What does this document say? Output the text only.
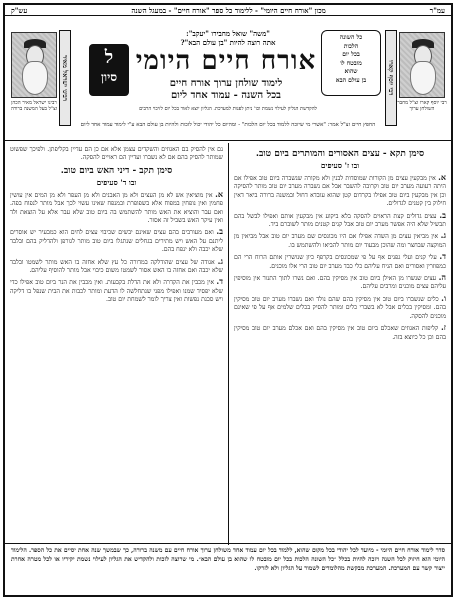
עמ"ר
מכון "אורח חיים היומי" - ללימוד כל ספר "אורח חיים" - במעגל השנה
עש"ק
רבי יוסף קארו זצ"ל מחבר השולחן ערוך
רבי יוסף קארו
כל השונה
הלכות
בכל יום
מובטח לו
שהוא
בן עולם הבא
"משה" שואל מחבירו "יעקב":
אתה רוצה להיות "בן עולם הבא"?
אורח חיים היומי
לימוד שולחן ערוך אורח חיים
בכל השנה - עמוד אחד ליום
ל
סיון
רבינו ישראל מאיר
רבינו ישראל מאיר הכהן זצ"ל בעל המשנה ברורה	להקדשת הגליון לעילוי נשמת וכו' ניתן לפנות למערכת. הגליון יוצא לאור בכל יום לזיכוי הרבים
החפץ חיים זצ"ל אמר: "אשרי מי שיזכה ללמוד בכל יום הלכות" - ומהיום כל יהודי יכול לזכות ולהיות בן עולם הבא ע"י לימוד עמוד אחד ליום
סימן תקא - עצים האסורים והמותרים ביום טוב.
ובו ז' סעיפים
א. אין מבקעין עצים מן הקורות שמוסדות לבנין ולא מקורה שנשברה ביום טוב אפילו אם היתה רעועה מערב יום טוב וקרובה להשבר אבל אם נשברה מערב יום טוב מותר להסיקה וכן אין מבקעין ביום טוב אפילו בקרדום קטן שהוא עובדא דחול ובמשנה ברורה ביאר דאין חילוק בין קטנים לגדולים.
ב. עצים גדולים קצת הראוים להסקה בלא ביקוע אין מבקעין אותם ואפילו לבשל בהם תבשיל שלא היה אפשר מערב יום טוב אבל קנים קטנים מותר לשוברם ביד.
ג. אין מביאין עצים מן השדה אפילו אם היו מכונסים שם מערב יום טוב אבל מביאין מן המוקצה שבחצר ומה שהוכן מבעוד יום מותר להביאו ולהשתמש בו.
ד. עלי קנים ועלי גפנים אף על פי שמכונסים בקרפף כיון שנושרין אותם הרוח הרי הם כמפוזרין ואסורים ואם הניח עליהם כלי כבד מערב יום טוב הרי אלו מוכנים.
ה. עצים שנשרו מן האילן ביום טוב אין מסיקין בהם. ואם נשרו לתוך התנור אין מוסיפין עליהם עצים מוכנים ומרבים עליהם.
ו. כלים שנשברו ביום טוב אין מסיקין בהם שהם נולד ואם נשברו מערב יום טוב מסיקין בהם. ומסיקין בכלים אבל לא בשברי כלים ומותר להסיק בכלים שלמים אף על פי שאינם מוכנים להסקה.
ז. קליפות האגוזים שאכלם ביום טוב אין מסיקין בהם ואם אכלם מערב יום טוב מסיקין בהם וכן כל כיוצא בזה.
נם אין להסיק בם האגוזים והשקדים עצמן אלא אם כן הם עדיין בקליפתן. ולפיכך שפשוט שמותר להסיק בהם אם לא נשברו ועדיין הם ראויים להסקה.
סימן תקב - דיני האש ביום טוב.
ובו ד' סעיפים
א. אין מוציאין אש לא מן העצים ולא מן האבנים ולא מן העפר ולא מן המים אין עושין פחמין ואין נופחין במפוח אלא בשפופרת ובמנפח שאינו עשוי לכך אבל מותר לנפוח בפה. ואם עבר והוציא את האש מותר להשתמש בה ביום טוב שלא עבר אלא על הוצאת ולד ואין עיקר האש בשביל זה אסור.
ב. ואם מעורבים בהם עצים שאינם יבשים שכיבוי עצים לחים הוא כמבעיר יש אוסרים ליתנם על האש ויש מתירים בגחלים שנתגלו ביום טוב מותר לגורפן ולהדליק בהם ובלבד שלא יכבה ולא ינפח בהם.
ג. אגודה של עצים שהודלקה במדורה כל עץ שלא אחזה בו האש מותר לשמטו ובלבד שלא יכבה ואם אחזה בו האש אסור לשמטו משום כיבוי אבל מותר להוסיף עליהם.
ד. אין מכבין את הקדרה ולא את הדלת בקבעות. ואין מכבין את הנר ביום טוב אפילו כדי שלא יפסיד שמנו ואפילו מפני שנתחלשה לו הדעת ומותר לכבות את הבית שנפל בו דליקה ויש סכנת נפשות ואין צריך לומר לשמחת יום טוב.
סדר לימוד אורח חיים היומי - מיועד לכל יהודי בכל מקום שהוא, ללמוד בכל יום עמוד אחד משולחן ערוך אורח חיים עם משנה ברורה, כך שבמשך שנה אחת יסיים את כל הספר. הלימוד היומי הוא חיזוק לכל השנה ויזכה להיות בכלל ״כל השונה הלכות בכל יום מובטח לו שהוא בן עולם הבא״. מי שרוצה לזכות ולהקדיש את הגליון לעילוי נשמת יקיריו או לכל מטרה אחרת ייצור קשר עם המערכת. המערכת מבקשת מהלומדים לשמור על הגליון ולא לזרקו.
